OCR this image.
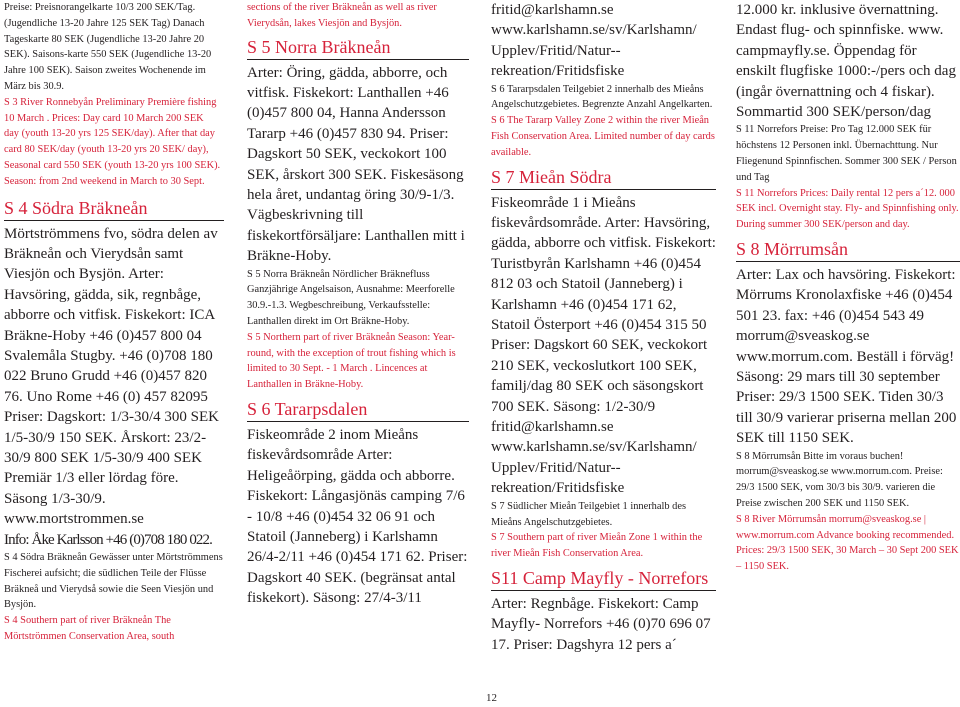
Preise: Preisnorangelkarte 10/3 200 SEK/Tag. (Jugendliche 13-20 Jahre 125 SEK Tag) Danach Tageskarte 80 SEK (Jugendliche 13-20 Jahre 20 SEK). Saisons-karte 550 SEK (Jugendliche 13-20 Jahre 100 SEK). Saison zweites Wochenende im März bis 30.9.

S 3 River Ronnebyån Preliminary Première fishing 10 March . Prices: Day card 10 March 200 SEK

day (youth 13-20 yrs 125 SEK/day). After that day card 80 SEK/day (youth 13-20 yrs 20 SEK/ day), Seasonal card 550 SEK (youth 13-20 yrs 100 SEK). Season: from 2nd weekend in March to 30 Sept.

S 4 Södra Bräkneån

Mörtströmmens fvo, södra delen av Bräkneån och Vierydsån samt Viesjön och Bysjön. Arter: Havsöring, gädda, sik, regnbåge, abborre och vitfisk. Fiskekort: ICA Bräkne-Hoby +46 (0)457 800 04 Svalemåla Stugby. +46 (0)708 180 022 Bruno Grudd +46 (0)457 820 76. Uno Rome +46 (0) 457 82095 Priser: Dagskort: 1/3-30/4 300 SEK 1/5-30/9 150 SEK. Årskort: 23/2-30/9 800 SEK 1/5-30/9 400 SEK Premiär 1/3 eller lördag före. Säsong 1/3-30/9. www.mortstrommen.se

Info: Åke Karlsson +46 (0)708 180 022.

S 4 Södra Bräkneån Gewässer unter Mörtströmmens Fischerei aufsicht; die südlichen Teile der Flüsse Bräkneå und Vierydså sowie die Seen Viesjön und Bysjön.

S 4 Southern part of river Bräkneån The Mörtströmmen Conservation Area, south

sections of the river Bräkneån as well as river Vierydsån, lakes Viesjön and Bysjön.

S 5 Norra Bräkneån

Arter: Öring, gädda, abborre, och vitfisk. Fiskekort: Lanthallen +46 (0)457 800 04, Hanna Andersson Tararp +46 (0)457 830 94. Priser: Dagskort 50 SEK, veckokort 100 SEK, årskort 300 SEK. Fiskesäsong hela året, undantag öring 30/9-1/3. Vägbeskrivning till fiskekortförsäljare: Lanthallen mitt i Bräkne-Hoby.

S 5 Norra Bräkneån Nördlicher Bräknefluss Ganzjährige Angelsaison, Ausnahme: Meerforelle 30.9.-1.3. Wegbeschreibung, Verkaufsstelle: Lanthallen direkt im Ort Bräkne-Hoby.

S 5 Northern part of river Bräkneån Season: Year-round, with the exception of trout fishing which is limited to 30 Sept. - 1 March . Lincences at Lanthallen in Bräkne-Hoby.

S 6 Tararpsdalen

Fiskeområde 2 inom Mieåns fiskevårdsområde Arter: Heligeåörping, gädda och abborre. Fiskekort: Långasjönäs camping 7/6 - 10/8 +46 (0)454 32 06 91 och Statoil (Janneberg) i Karlshamn 26/4-2/11 +46 (0)454 171 62. Priser: Dagskort 40 SEK. (begränsat antal fiskekort). Säsong: 27/4-3/11

fritid@karlshamn.se www.karlshamn.se/sv/Karlshamn/ Upplev/Fritid/Natur--rekreation/Fritidsfiske

S 6 Tararpsdalen Teilgebiet 2 innerhalb des Mieåns Angelschutzgebietes. Begrenzte Anzahl Angelkarten.

S 6 The Tararp Valley Zone 2 within the river Mieån Fish Conservation Area. Limited number of day cards available.

S 7 Mieån Södra

Fiskeområde 1 i Mieåns fiskevårdsområde. Arter: Havsöring, gädda, abborre och vitfisk. Fiskekort: Turistbyrån Karlshamn +46 (0)454 812 03 och Statoil (Janneberg) i Karlshamn +46 (0)454 171 62, Statoil Österport +46 (0)454 315 50 Priser: Dagskort 60 SEK, veckokort 210 SEK, veckoslutkort 100 SEK, familj/dag 80 SEK och säsongskort 700 SEK. Säsong: 1/2-30/9 fritid@karlshamn.se www.karlshamn.se/sv/Karlshamn/ Upplev/Fritid/Natur--rekreation/Fritidsfiske

S 7 Südlicher Mieån Teilgebiet 1 innerhalb des Mieåns Angelschutzgebietes.

S 7 Southern part of river Mieån Zone 1 within the river Mieån Fish Conservation Area.

S11 Camp Mayfly - Norrefors

Arter: Regnbåge. Fiskekort: Camp Mayfly- Norrefors +46 (0)70 696 07 17. Priser: Dagshyra 12 pers a´

12.000 kr. inklusive övernattning. Endast flug- och spinnfiske. www. campmayfly.se. Öppendag för enskilt flugfiske 1000:-/pers och dag (ingår övernattning och 4 fiskar). Sommartid 300 SEK/person/dag

S 11 Norrefors Preise: Pro Tag 12.000 SEK für höchstens 12 Personen inkl. Übernachttung. Nur Fliegenund Spinnfischen. Sommer 300 SEK / Person und Tag

S 11 Norrefors Prices: Daily rental 12 pers a´12. 000 SEK incl. Overnight stay. Fly- and Spinnfishing only. During summer 300 SEK/person and day.

S 8 Mörrumsån

Arter: Lax och havsöring. Fiskekort: Mörrums Kronolaxfiske +46 (0)454 501 23. fax: +46 (0)454 543 49 morrum@sveaskog.se www.morrum.com. Beställ i förväg! Säsong: 29 mars till 30 september Priser: 29/3 1500 SEK. Tiden 30/3 till 30/9 varierar priserna mellan 200 SEK till 1150 SEK.

S 8 Mörrumsån Bitte im voraus buchen! morrum@sveaskog.se www.morrum.com. Preise: 29/3 1500 SEK, vom 30/3 bis 30/9. varieren die Preise zwischen 200 SEK und 1150 SEK.

S 8 River Mörrumsån morrum@sveaskog.se | www.morrum.com Advance booking recommended. Prices: 29/3 1500 SEK, 30 March – 30 Sept 200 SEK – 1150 SEK.

12
